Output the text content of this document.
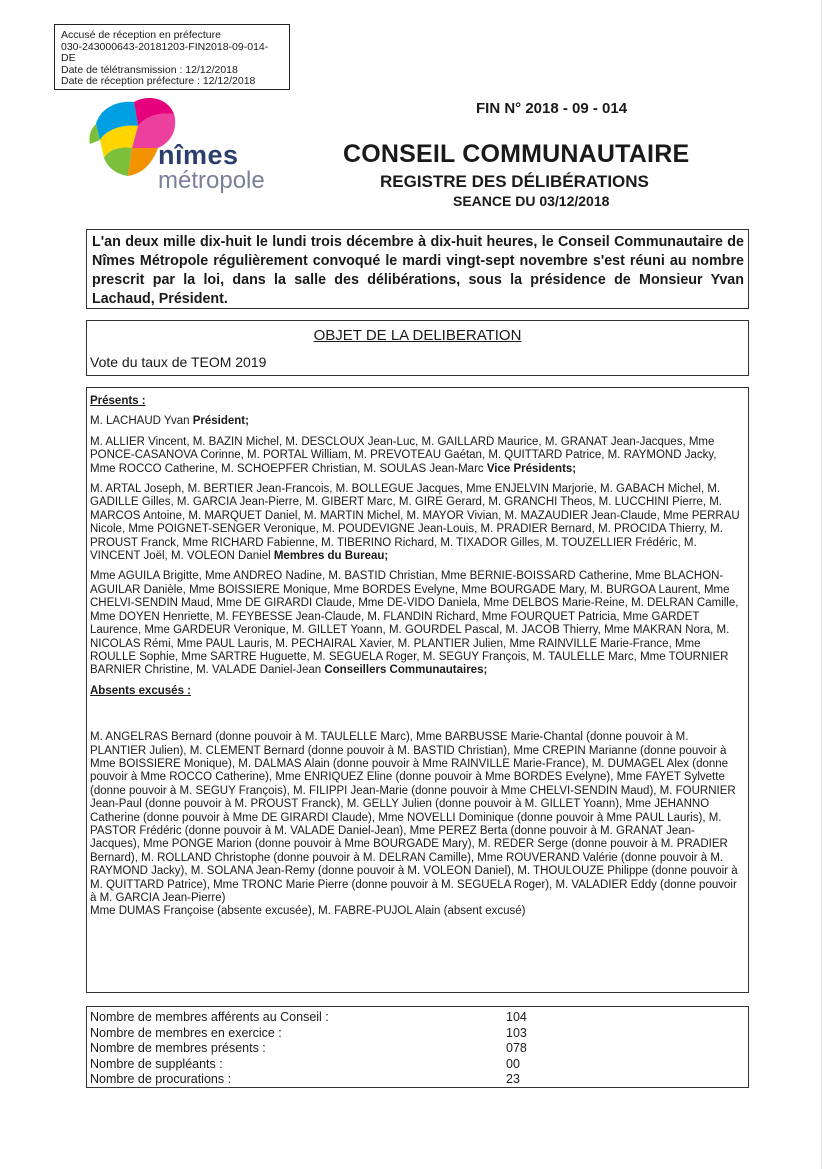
Accusé de réception en préfecture
030-243000643-20181203-FIN2018-09-014-
DE
Date de télétransmission : 12/12/2018
Date de réception préfecture : 12/12/2018
nîmes
métropole
FIN N° 2018 - 09 - 014
CONSEIL COMMUNAUTAIRE
REGISTRE DES DÉLIBÉRATIONS
SEANCE DU 03/12/2018
L'an deux mille dix-huit le lundi trois décembre à dix-huit heures, le Conseil Communautaire de Nîmes Métropole régulièrement convoqué le mardi vingt-sept novembre s'est réuni au nombre prescrit par la loi, dans la salle des délibérations, sous la présidence de Monsieur Yvan Lachaud, Président.
OBJET DE LA DELIBERATION
Vote du taux de TEOM 2019

Présents :

M. LACHAUD Yvan Président;

M. ALLIER Vincent, M. BAZIN Michel, M. DESCLOUX Jean-Luc, M. GAILLARD Maurice, M. GRANAT Jean-Jacques, Mme PONCE-CASANOVA Corinne, M. PORTAL William, M. PREVOTEAU Gaétan, M. QUITTARD Patrice, M. RAYMOND Jacky, Mme ROCCO Catherine, M. SCHOEPFER Christian, M. SOULAS Jean-Marc Vice Présidents;

M. ARTAL Joseph, M. BERTIER Jean-Francois, M. BOLLEGUE Jacques, Mme ENJELVIN Marjorie, M. GABACH Michel, M. GADILLE Gilles, M. GARCIA Jean-Pierre, M. GIBERT Marc, M. GIRE Gerard, M. GRANCHI Theos, M. LUCCHINI Pierre, M. MARCOS Antoine, M. MARQUET Daniel, M. MARTIN Michel, M. MAYOR Vivian, M. MAZAUDIER Jean-Claude, Mme PERRAU Nicole, Mme POIGNET-SENGER Veronique, M. POUDEVIGNE Jean-Louis, M. PRADIER Bernard, M. PROCIDA Thierry, M. PROUST Franck, Mme RICHARD Fabienne, M. TIBERINO Richard, M. TIXADOR Gilles, M. TOUZELLIER Frédéric, M. VINCENT Joël, M. VOLEON Daniel Membres du Bureau;

Mme AGUILA Brigitte, Mme ANDREO Nadine, M. BASTID Christian, Mme BERNIE-BOISSARD Catherine, Mme BLACHON-AGUILAR Danièle, Mme BOISSIERE Monique, Mme BORDES Evelyne, Mme BOURGADE Mary, M. BURGOA Laurent, Mme CHELVI-SENDIN Maud, Mme DE GIRARDI Claude, Mme DE-VIDO Daniela, Mme DELBOS Marie-Reine, M. DELRAN Camille, Mme DOYEN Henriette, M. FEYBESSE Jean-Claude, M. FLANDIN Richard, Mme FOURQUET Patricia, Mme GARDET Laurence, Mme GARDEUR Veronique, M. GILLET Yoann, M. GOURDEL Pascal, M. JACOB Thierry, Mme MAKRAN Nora, M. NICOLAS Rémi, Mme PAUL Lauris, M. PECHAIRAL Xavier, M. PLANTIER Julien, Mme RAINVILLE Marie-France, Mme ROULLE Sophie, Mme SARTRE Huguette, M. SEGUELA Roger, M. SEGUY François, M. TAULELLE Marc, Mme TOURNIER BARNIER Christine, M. VALADE Daniel-Jean Conseillers Communautaires;

Absents excusés :

M. ANGELRAS Bernard (donne pouvoir à M. TAULELLE Marc), Mme BARBUSSE Marie-Chantal (donne pouvoir à M. PLANTIER Julien), M. CLEMENT Bernard (donne pouvoir à M. BASTID Christian), Mme CREPIN Marianne (donne pouvoir à Mme BOISSIERE Monique), M. DALMAS Alain (donne pouvoir à Mme RAINVILLE Marie-France), M. DUMAGEL Alex (donne pouvoir à Mme ROCCO Catherine), Mme ENRIQUEZ Eline (donne pouvoir à Mme BORDES Evelyne), Mme FAYET Sylvette (donne pouvoir à M. SEGUY François), M. FILIPPI Jean-Marie (donne pouvoir à Mme CHELVI-SENDIN Maud), M. FOURNIER Jean-Paul (donne pouvoir à M. PROUST Franck), M. GELLY Julien (donne pouvoir à M. GILLET Yoann), Mme JEHANNO Catherine (donne pouvoir à Mme DE GIRARDI Claude), Mme NOVELLI Dominique (donne pouvoir à Mme PAUL Lauris), M. PASTOR Frédéric (donne pouvoir à M. VALADE Daniel-Jean), Mme PEREZ Berta (donne pouvoir à M. GRANAT Jean-Jacques), Mme PONGE Marion (donne pouvoir à Mme BOURGADE Mary), M. REDER Serge (donne pouvoir à M. PRADIER Bernard), M. ROLLAND Christophe (donne pouvoir à M. DELRAN Camille), Mme ROUVERAND Valérie (donne pouvoir à M. RAYMOND Jacky), M. SOLANA Jean-Remy (donne pouvoir à M. VOLEON Daniel), M. THOULOUZE Philippe (donne pouvoir à M. QUITTARD Patrice), Mme TRONC Marie Pierre (donne pouvoir à M. SEGUELA Roger), M. VALADIER Eddy (donne pouvoir à M. GARCIA Jean-Pierre)

Mme DUMAS Françoise (absente excusée), M. FABRE-PUJOL Alain (absent excusé)

Nombre de membres afférents au Conseil :	104
Nombre de membres en exercice :	103
Nombre de membres présents :	078
Nombre de suppléants :	00
Nombre de procurations :	23
